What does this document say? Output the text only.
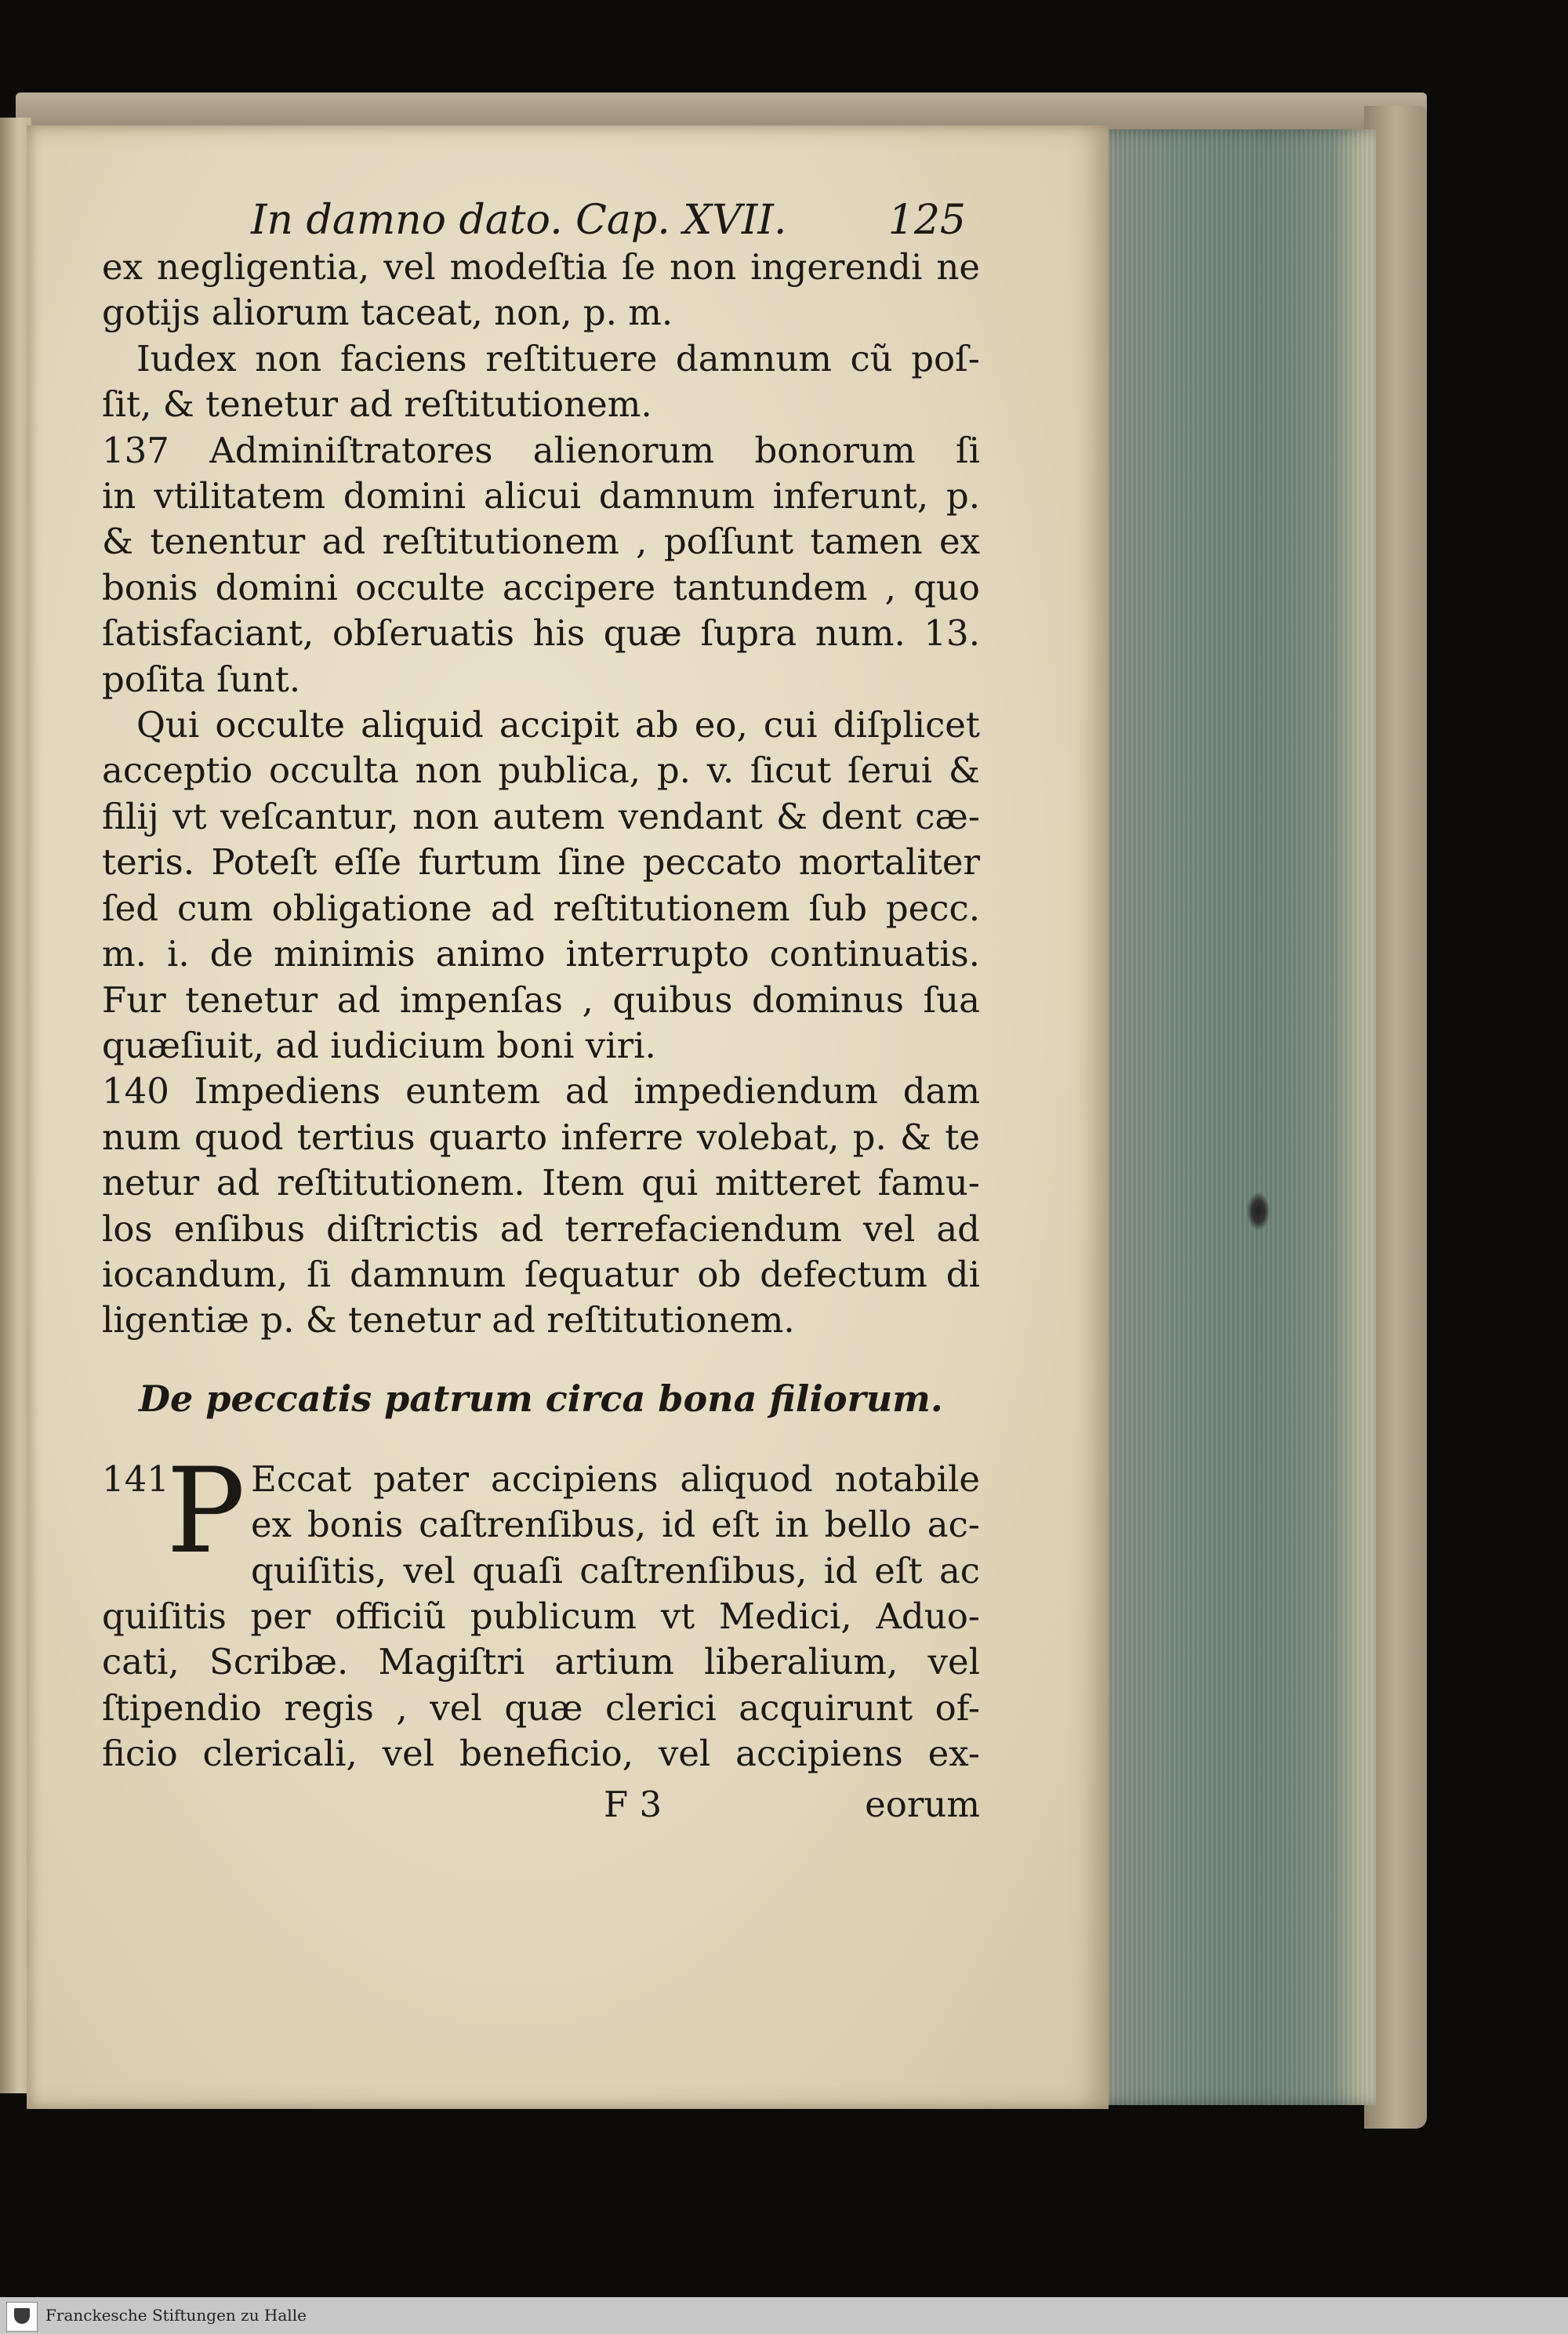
In damno dato. Cap. XVII. 125
ex negligentia, vel modeſtia ſe non ingerendi ne
gotijs aliorum taceat, non, p. m.
Iudex non faciens reſtituere damnum cũ poſ-
ſit, & tenetur ad reſtitutionem.
137 Adminiſtratores alienorum bonorum ſi
in vtilitatem domini alicui damnum inferunt, p.
& tenentur ad reſtitutionem , poſſunt tamen ex
bonis domini occulte accipere tantundem , quo
ſatisfaciant, obſeruatis his quæ ſupra num. 13.
poſita ſunt.
Qui occulte aliquid accipit ab eo, cui diſplicet
acceptio occulta non publica, p. v. ſicut ſerui &
filij vt veſcantur, non autem vendant & dent cæ-
teris. Poteſt eſſe furtum ſine peccato mortaliter
ſed cum obligatione ad reſtitutionem ſub pecc.
m. i. de minimis animo interrupto continuatis.
Fur tenetur ad impenſas , quibus dominus ſua
quæſiuit, ad iudicium boni viri.
140 Impediens euntem ad impediendum dam
num quod tertius quarto inferre volebat, p. & te
netur ad reſtitutionem. Item qui mitteret famu-
los enſibus diſtrictis ad terrefaciendum vel ad
iocandum, ſi damnum ſequatur ob defectum di
ligentiæ p. & tenetur ad reſtitutionem.
De peccatis patrum circa bona filiorum.
141
P Eccat pater accipiens aliquod notabile
ex bonis caſtrenſibus, id eſt in bello ac-
quiſitis, vel quaſi caſtrenſibus, id eſt ac
quiſitis per officiũ publicum vt Medici, Aduo-
cati, Scribæ. Magiſtri artium liberalium, vel
ſtipendio regis , vel quæ clerici acquirunt of-
ficio clericali, vel beneficio, vel accipiens ex-
F 3	eorum
Franckesche Stiftungen zu Halle
